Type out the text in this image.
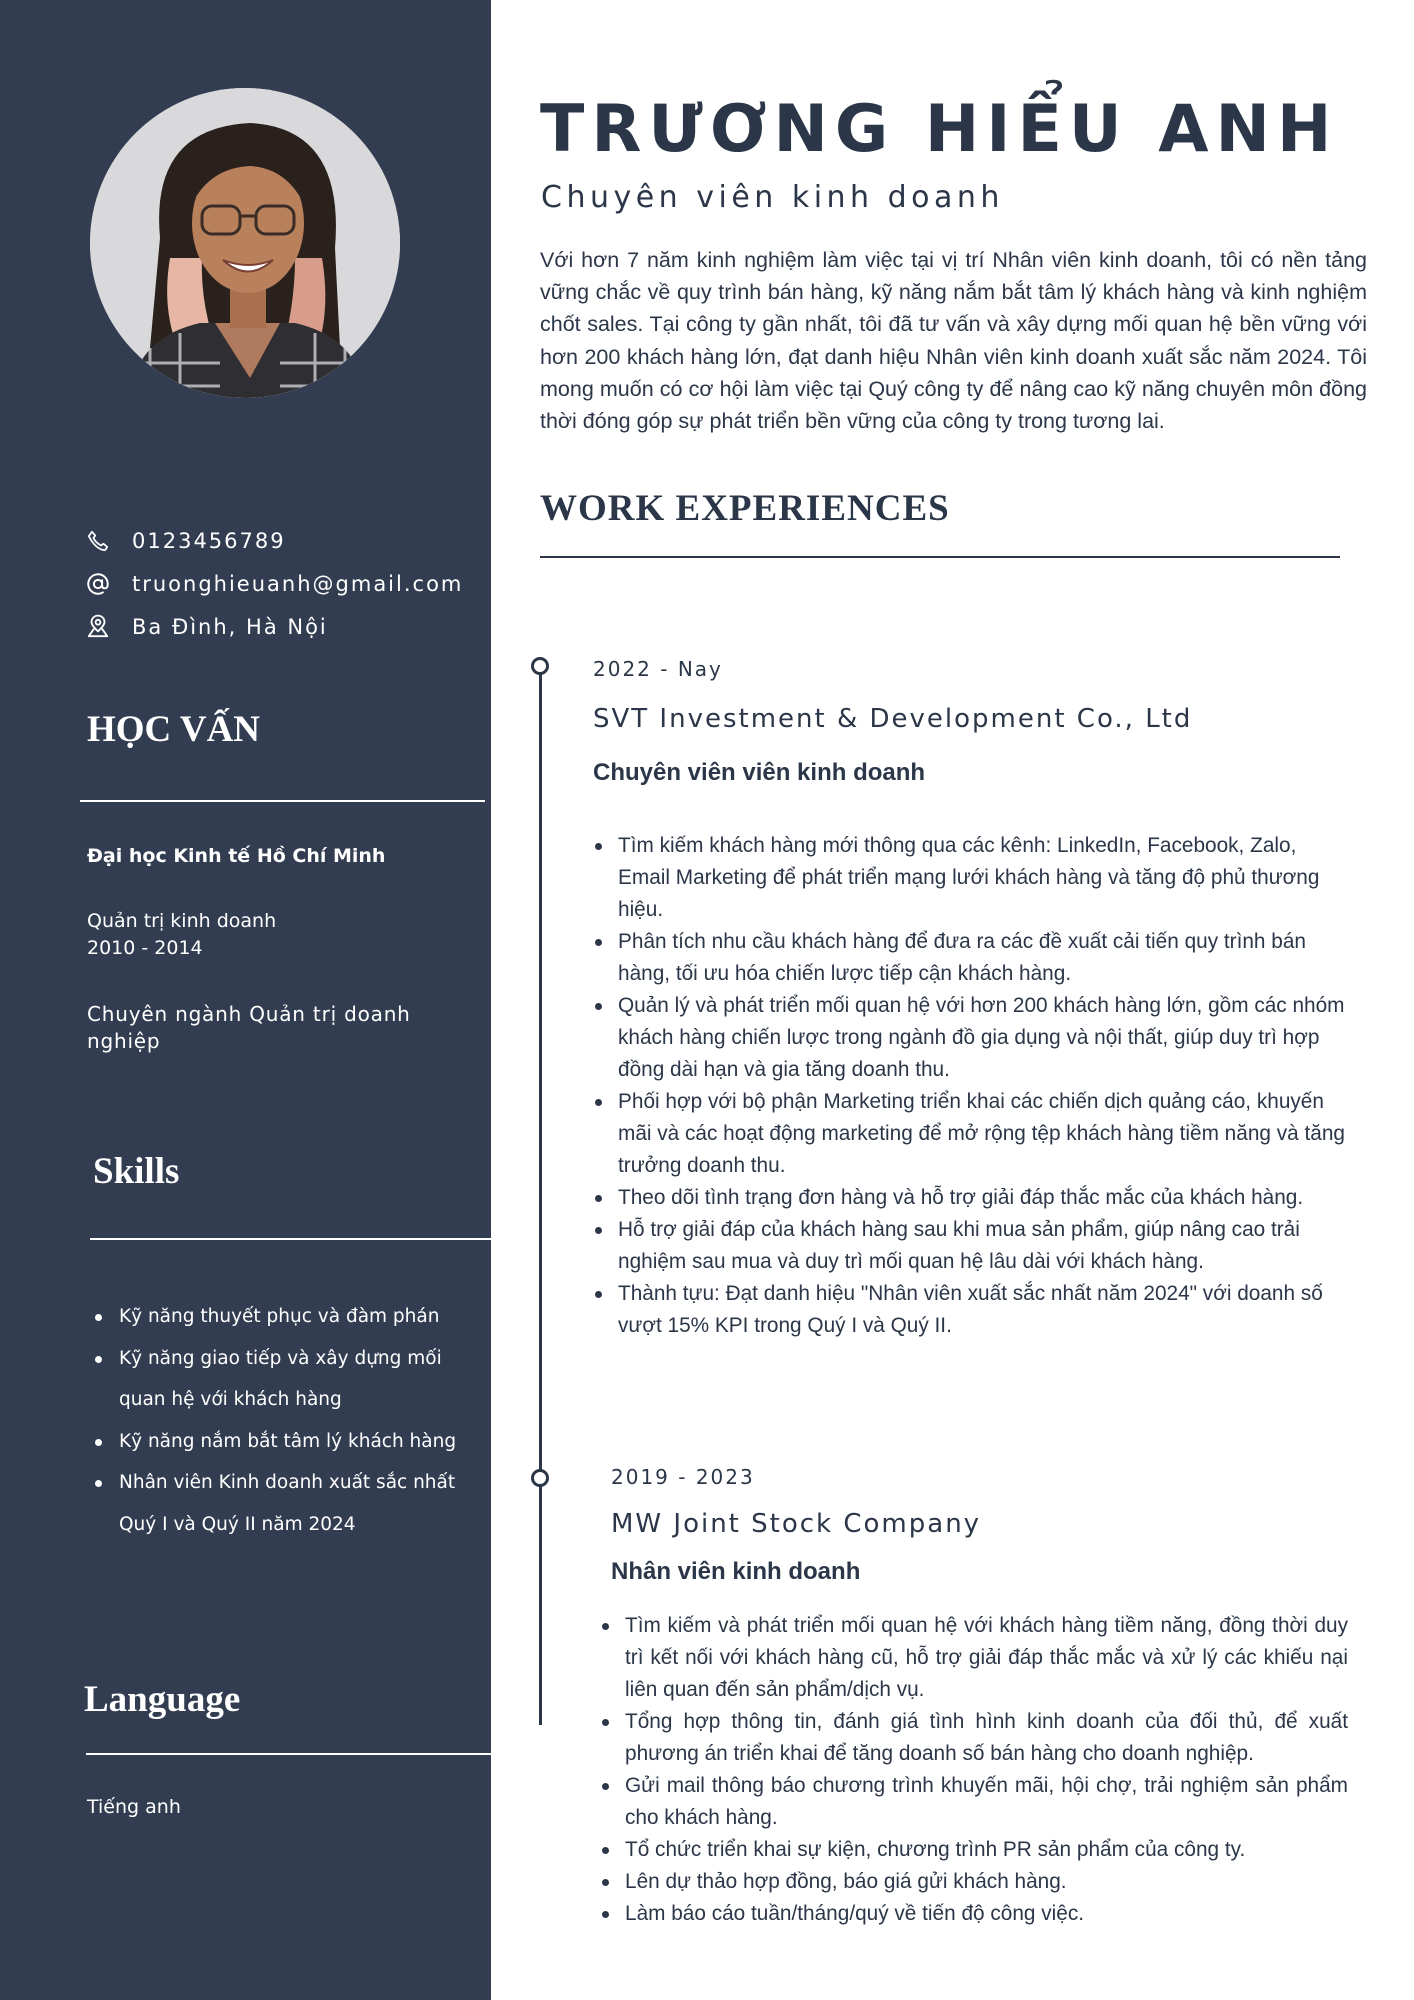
0123456789
truonghieuanh@gmail.com
Ba Đình, Hà Nội
HỌC VẤN
Đại học Kinh tế Hồ Chí Minh
Quản trị kinh doanh
2010 - 2014
Chuyên ngành Quản trị doanh nghiệp
Skills
Kỹ năng thuyết phục và đàm phán
Kỹ năng giao tiếp và xây dựng mối quan hệ với khách hàng
Kỹ năng nắm bắt tâm lý khách hàng
Nhân viên Kinh doanh xuất sắc nhất Quý I và Quý II năm 2024
Language
Tiếng anh
TRƯƠNG HIỂU ANH
Chuyên viên kinh doanh

Với hơn 7 năm kinh nghiệm làm việc tại vị trí Nhân viên kinh doanh, tôi có nền tảng vững chắc về quy trình bán hàng, kỹ năng nắm bắt tâm lý khách hàng và kinh nghiệm chốt sales. Tại công ty gần nhất, tôi đã tư vấn và xây dựng mối quan hệ bền vững với hơn 200 khách hàng lớn, đạt danh hiệu Nhân viên kinh doanh xuất sắc năm 2024. Tôi mong muốn có cơ hội làm việc tại Quý công ty để nâng cao kỹ năng chuyên môn đồng thời đóng góp sự phát triển bền vững của công ty trong tương lai.

WORK EXPERIENCES
2022 - Nay
SVT Investment & Development Co., Ltd
Chuyên viên viên kinh doanh
Tìm kiếm khách hàng mới thông qua các kênh: LinkedIn, Facebook, Zalo, Email Marketing để phát triển mạng lưới khách hàng và tăng độ phủ thương hiệu.
Phân tích nhu cầu khách hàng để đưa ra các đề xuất cải tiến quy trình bán hàng, tối ưu hóa chiến lược tiếp cận khách hàng.
Quản lý và phát triển mối quan hệ với hơn 200 khách hàng lớn, gồm các nhóm khách hàng chiến lược trong ngành đồ gia dụng và nội thất, giúp duy trì hợp đồng dài hạn và gia tăng doanh thu.
Phối hợp với bộ phận Marketing triển khai các chiến dịch quảng cáo, khuyến mãi và các hoạt động marketing để mở rộng tệp khách hàng tiềm năng và tăng trưởng doanh thu.
Theo dõi tình trạng đơn hàng và hỗ trợ giải đáp thắc mắc của khách hàng.
Hỗ trợ giải đáp của khách hàng sau khi mua sản phẩm, giúp nâng cao trải nghiệm sau mua và duy trì mối quan hệ lâu dài với khách hàng.
Thành tựu: Đạt danh hiệu "Nhân viên xuất sắc nhất năm 2024" với doanh số vượt 15% KPI trong Quý I và Quý II.
2019 - 2023
MW Joint Stock Company
Nhân viên kinh doanh
Tìm kiếm và phát triển mối quan hệ với khách hàng tiềm năng, đồng thời duy trì kết nối với khách hàng cũ, hỗ trợ giải đáp thắc mắc và xử lý các khiếu nại liên quan đến sản phẩm/dịch vụ.
Tổng hợp thông tin, đánh giá tình hình kinh doanh của đối thủ, để xuất phương án triển khai để tăng doanh số bán hàng cho doanh nghiệp.
Gửi mail thông báo chương trình khuyến mãi, hội chợ, trải nghiệm sản phẩm cho khách hàng.
Tổ chức triển khai sự kiện, chương trình PR sản phẩm của công ty.
Lên dự thảo hợp đồng, báo giá gửi khách hàng.
Làm báo cáo tuần/tháng/quý về tiến độ công việc.
